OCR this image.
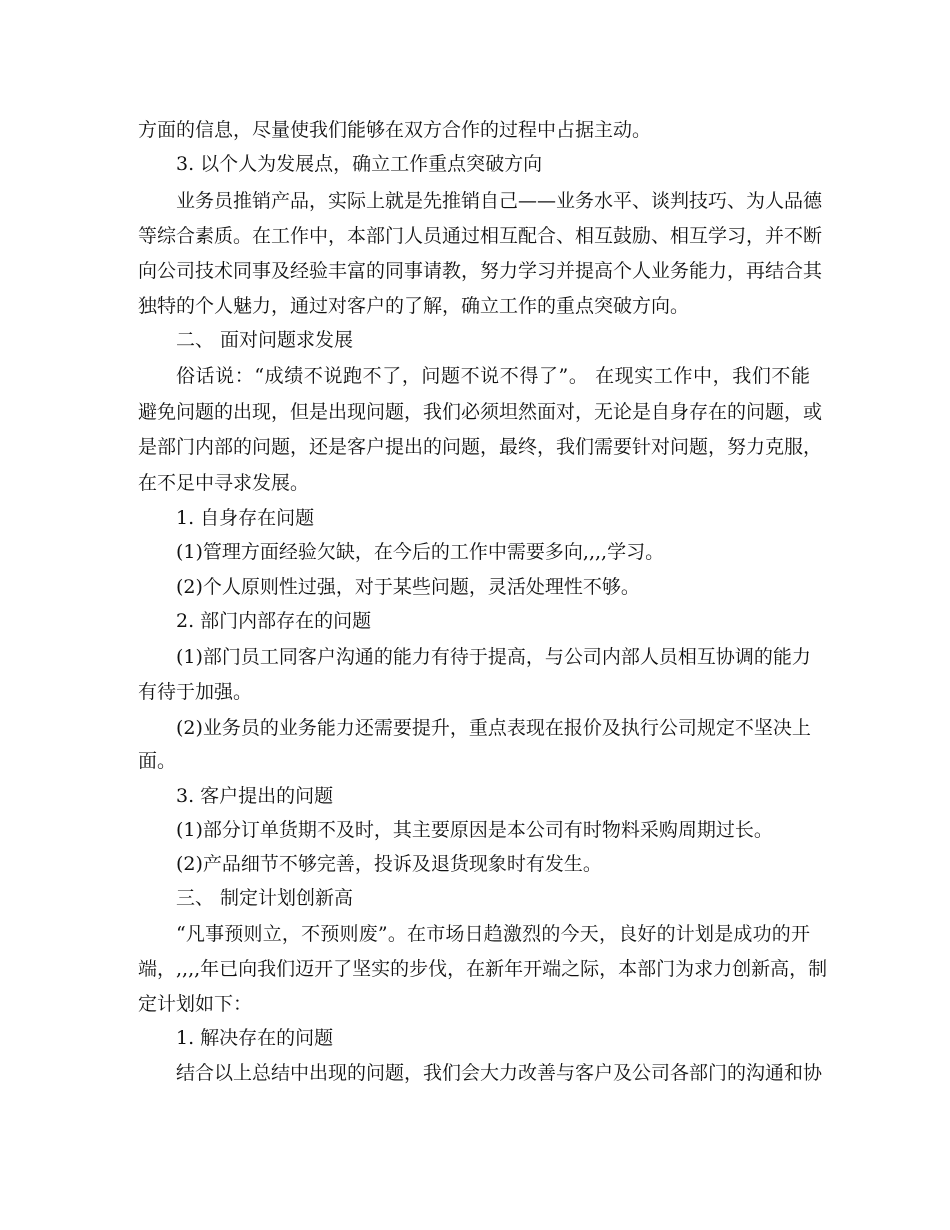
方面的信息，尽量使我们能够在双方合作的过程中占据主动。
3. 以个人为发展点，确立工作重点突破方向
业务员推销产品，实际上就是先推销自己——业务水平、谈判技巧、为人品德
等综合素质。在工作中，本部门人员通过相互配合、相互鼓励、相互学习，并不断
向公司技术同事及经验丰富的同事请教，努力学习并提高个人业务能力，再结合其
独特的个人魅力，通过对客户的了解，确立工作的重点突破方向。
二、 面对问题求发展
俗话说：“成绩不说跑不了，问题不说不得了”。 在现实工作中，我们不能
避免问题的出现，但是出现问题，我们必须坦然面对，无论是自身存在的问题，或
是部门内部的问题，还是客户提出的问题，最终，我们需要针对问题，努力克服，
在不足中寻求发展。
1. 自身存在问题
(1)管理方面经验欠缺，在今后的工作中需要多向,,,,学习。
(2)个人原则性过强，对于某些问题，灵活处理性不够。
2. 部门内部存在的问题
(1)部门员工同客户沟通的能力有待于提高，与公司内部人员相互协调的能力
有待于加强。
(2)业务员的业务能力还需要提升，重点表现在报价及执行公司规定不坚决上
面。
3. 客户提出的问题
(1)部分订单货期不及时，其主要原因是本公司有时物料采购周期过长。
(2)产品细节不够完善，投诉及退货现象时有发生。
三、 制定计划创新高
“凡事预则立，不预则废”。在市场日趋激烈的今天，良好的计划是成功的开
端，,,,,年已向我们迈开了坚实的步伐，在新年开端之际，本部门为求力创新高，制
定计划如下：
1. 解决存在的问题
结合以上总结中出现的问题，我们会大力改善与客户及公司各部门的沟通和协
